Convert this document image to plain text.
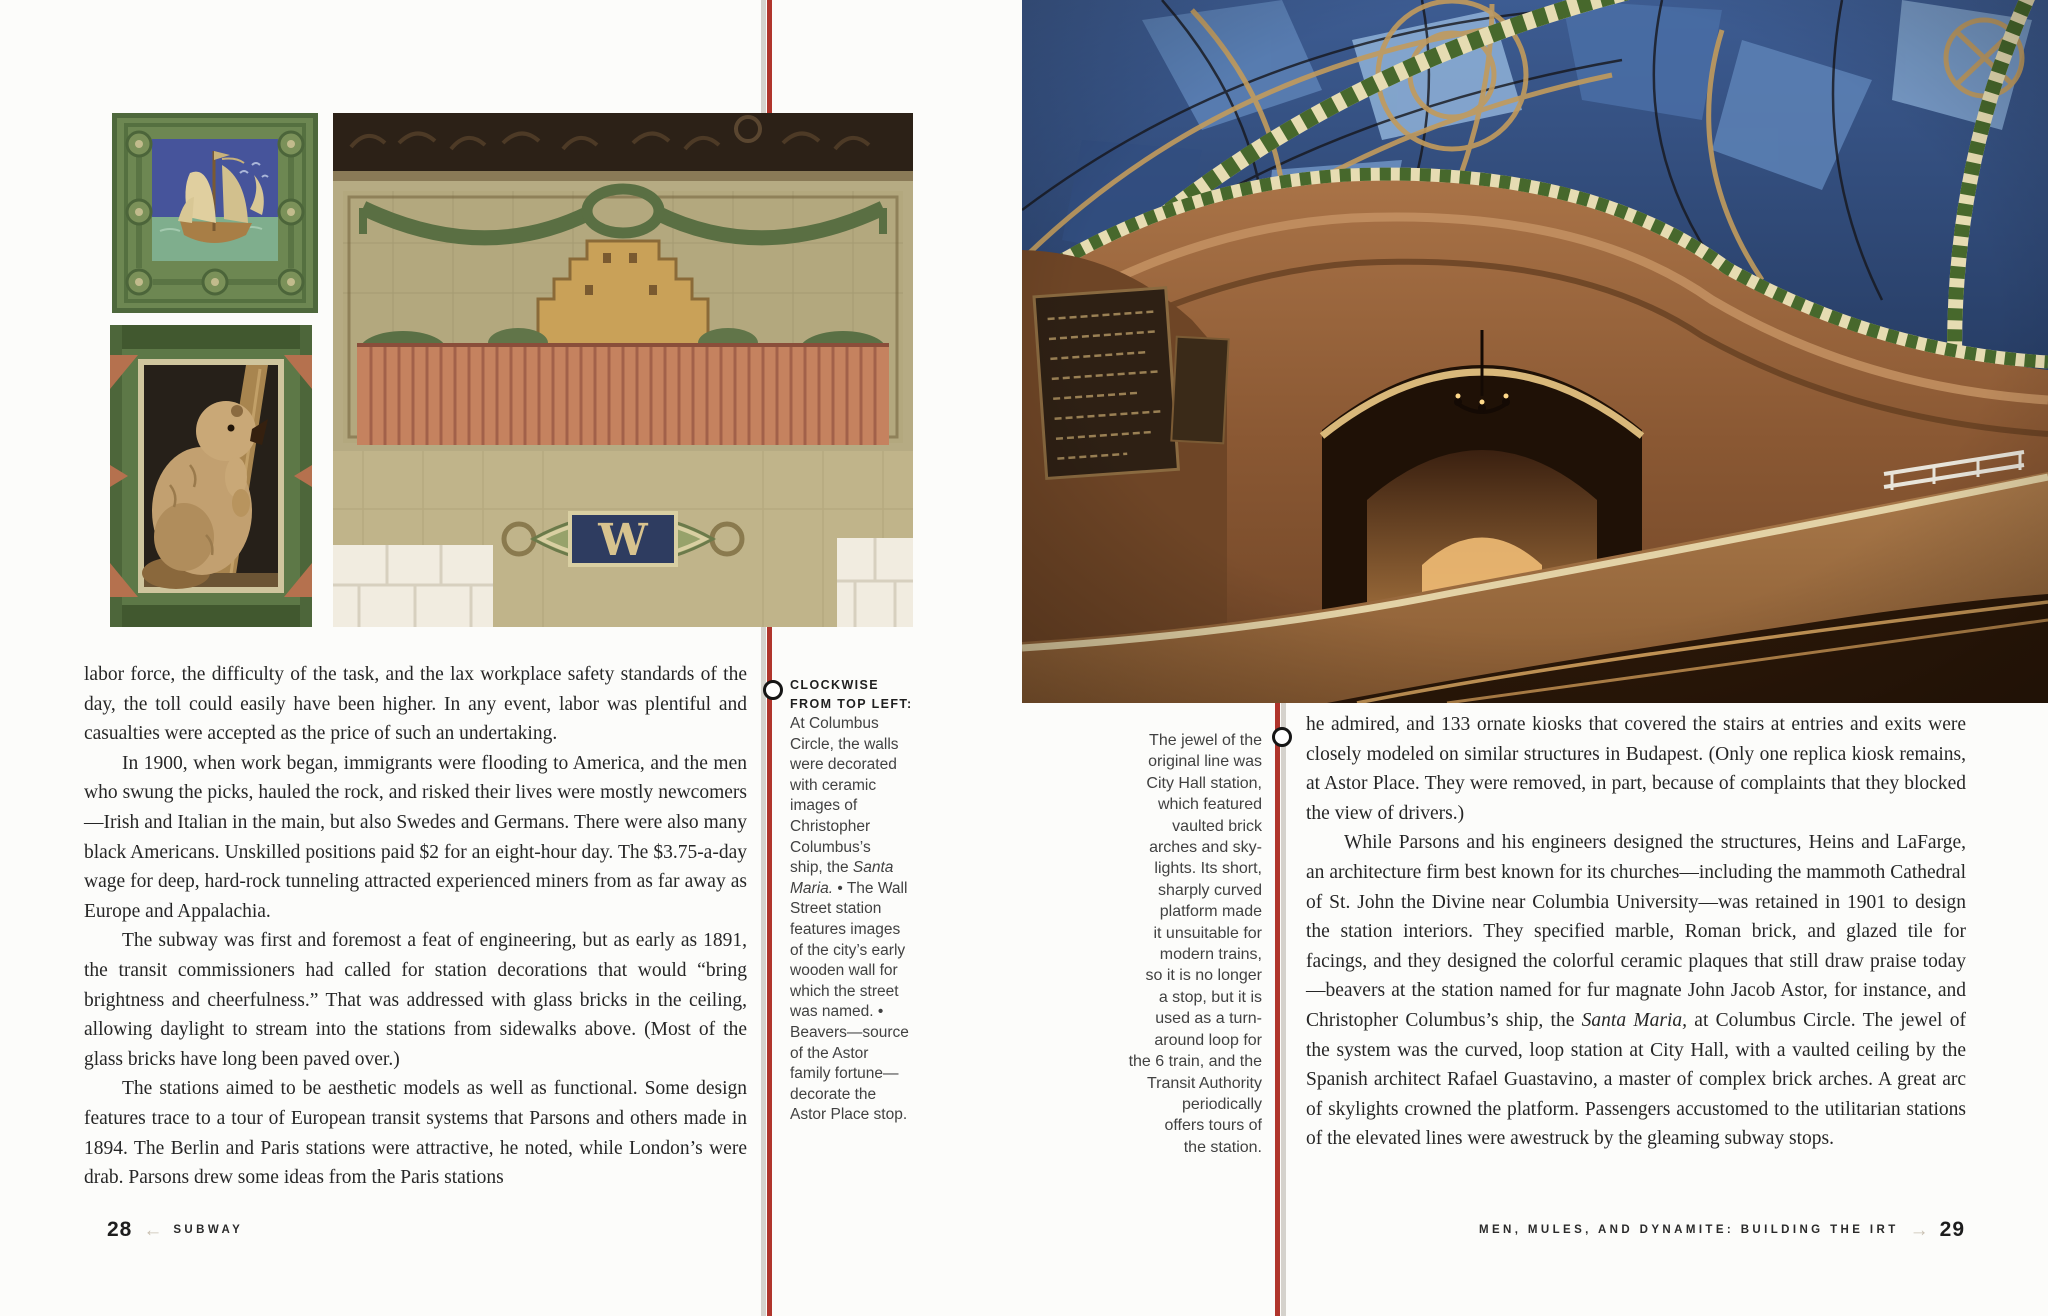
W

labor force, the difficulty of the task, and the lax workplace safety standards of the day, the toll could easily have been higher. In any event, labor was plentiful and casualties were accepted as the price of such an undertaking.

In 1900, when work began, immigrants were flooding to America, and the men who swung the picks, hauled the rock, and risked their lives were mostly newcomers—Irish and Italian in the main, but also Swedes and Germans. There were also many black Americans. Unskilled positions paid $2 for an eight-hour day. The $3.75-a-day wage for deep, hard-rock tunneling attracted experienced miners from as far away as Europe and Appalachia.

The subway was first and foremost a feat of engineering, but as early as 1891, the transit commissioners had called for station decorations that would “bring brightness and cheerfulness.” That was addressed with glass bricks in the ceiling, allowing daylight to stream into the stations from sidewalks above. (Most of the glass bricks have long been paved over.)

The stations aimed to be aesthetic models as well as functional. Some design features trace to a tour of European transit systems that Parsons and others made in 1894. The Berlin and Paris stations were attractive, he noted, while London’s were drab. Parsons drew some ideas from the Paris stations

CLOCKWISE
FROM TOP LEFT:
At Columbus
Circle, the walls
were decorated
with ceramic
images of
Christopher
Columbus’s
ship, the Santa
Maria. • The Wall
Street station
features images
of the city’s early
wooden wall for
which the street
was named. •
Beavers—source
of the Astor
family fortune—
decorate the
Astor Place stop.
The jewel of the
original line was
City Hall station,
which featured
vaulted brick
arches and sky-
lights. Its short,
sharply curved
platform made
it unsuitable for
modern trains,
so it is no longer
a stop, but it is
used as a turn-
around loop for
the 6 train, and the
Transit Authority
periodically
offers tours of
the station.

he admired, and 133 ornate kiosks that covered the stairs at entries and exits were closely modeled on similar structures in Budapest. (Only one replica kiosk remains, at Astor Place. They were removed, in part, because of complaints that they blocked the view of drivers.)

While Parsons and his engineers designed the structures, Heins and LaFarge, an architecture firm best known for its churches—including the mammoth Cathedral of St. John the Divine near Columbia University—was retained in 1901 to design the station interiors. They specified marble, Roman brick, and glazed tile for facings, and they designed the colorful ceramic plaques that still draw praise today—beavers at the station named for fur magnate John Jacob Astor, for instance, and Christopher Columbus’s ship, the Santa Maria, at Columbus Circle. The jewel of the system was the curved, loop station at City Hall, with a vaulted ceiling by the Spanish architect Rafael Guastavino, a master of complex brick arches. A great arc of skylights crowned the platform. Passengers accustomed to the utilitarian stations of the elevated lines were awestruck by the gleaming subway stops.

28 ← SUBWAY	MEN, MULES, AND DYNAMITE: BUILDING THE IRT → 29
